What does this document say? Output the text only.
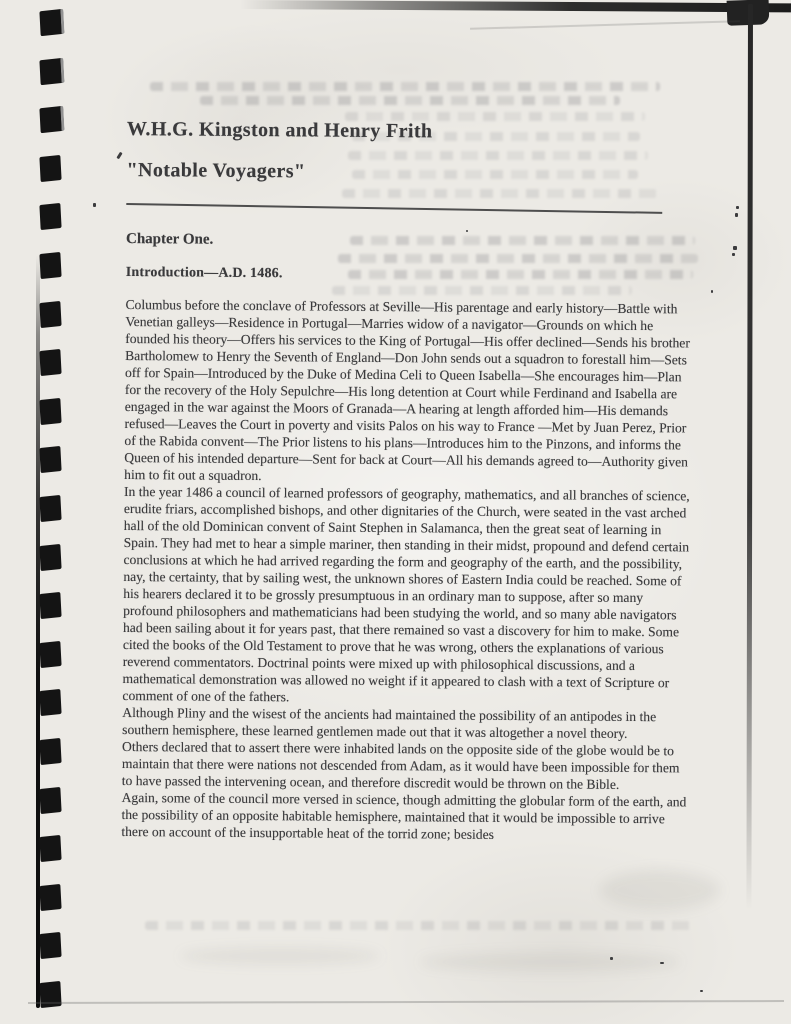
W.H.G. Kingston and Henry Frith
"Notable Voyagers"
Chapter One.
Introduction—A.D. 1486.

Columbus before the conclave of Professors at Seville—His parentage and early history—Battle with Venetian galleys—Residence in Portugal—Marries widow of a navigator—Grounds on which he founded his theory—Offers his services to the King of Portugal—His offer declined—Sends his brother Bartholomew to Henry the Seventh of England—Don John sends out a squadron to forestall him—Sets off for Spain—Introduced by the Duke of Medina Celi to Queen Isabella—She encourages him—Plan for the recovery of the Holy Sepulchre—His long detention at Court while Ferdinand and Isabella are engaged in the war against the Moors of Granada—A hearing at length afforded him—His demands refused—Leaves the Court in poverty and visits Palos on his way to France —Met by Juan Perez, Prior of the Rabida convent—The Prior listens to his plans—Introduces him to the Pinzons, and informs the Queen of his intended departure—Sent for back at Court—All his demands agreed to—Authority given him to fit out a squadron.

In the year 1486 a council of learned professors of geography, mathematics, and all branches of science, erudite friars, accomplished bishops, and other dignitaries of the Church, were seated in the vast arched hall of the old Dominican convent of Saint Stephen in Salamanca, then the great seat of learning in Spain. They had met to hear a simple mariner, then standing in their midst, propound and defend certain conclusions at which he had arrived regarding the form and geography of the earth, and the possibility, nay, the certainty, that by sailing west, the unknown shores of Eastern India could be reached. Some of his hearers declared it to be grossly presumptuous in an ordinary man to suppose, after so many profound philosophers and mathematicians had been studying the world, and so many able navigators had been sailing about it for years past, that there remained so vast a discovery for him to make. Some cited the books of the Old Testament to prove that he was wrong, others the explanations of various reverend commentators. Doctrinal points were mixed up with philosophical discussions, and a mathematical demonstration was allowed no weight if it appeared to clash with a text of Scripture or comment of one of the fathers.

Although Pliny and the wisest of the ancients had maintained the possibility of an antipodes in the southern hemisphere, these learned gentlemen made out that it was altogether a novel theory.

Others declared that to assert there were inhabited lands on the opposite side of the globe would be to maintain that there were nations not descended from Adam, as it would have been impossible for them to have passed the intervening ocean, and therefore discredit would be thrown on the Bible.

Again, some of the council more versed in science, though admitting the globular form of the earth, and the possibility of an opposite habitable hemisphere, maintained that it would be impossible to arrive there on account of the insupportable heat of the torrid zone; besides
